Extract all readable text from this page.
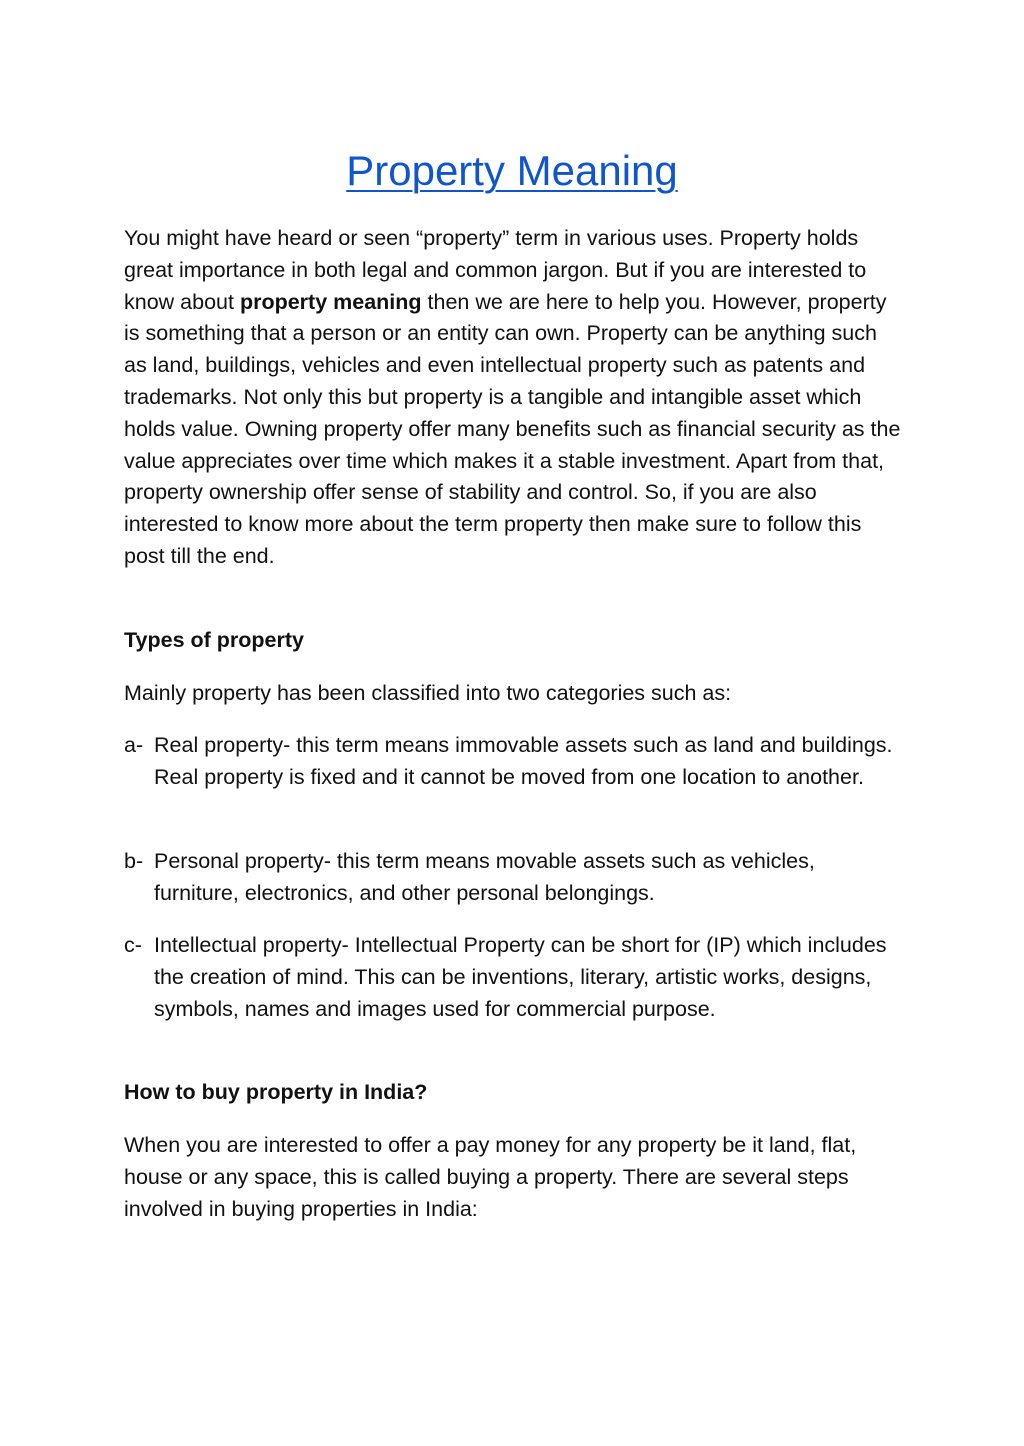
Property Meaning

You might have heard or seen “property” term in various uses. Property holds great importance in both legal and common jargon. But if you are interested to know about property meaning then we are here to help you. However, property is something that a person or an entity can own. Property can be anything such as land, buildings, vehicles and even intellectual property such as patents and trademarks. Not only this but property is a tangible and intangible asset which holds value. Owning property offer many benefits such as financial security as the value appreciates over time which makes it a stable investment. Apart from that, property ownership offer sense of stability and control. So, if you are also interested to know more about the term property then make sure to follow this post till the end.

Types of property

Mainly property has been classified into two categories such as:

a- Real property- this term means immovable assets such as land and buildings. Real property is fixed and it cannot be moved from one location to another.
b- Personal property- this term means movable assets such as vehicles, furniture, electronics, and other personal belongings.
c- Intellectual property- Intellectual Property can be short for (IP) which includes the creation of mind. This can be inventions, literary, artistic works, designs, symbols, names and images used for commercial purpose.

How to buy property in India?

When you are interested to offer a pay money for any property be it land, flat, house or any space, this is called buying a property. There are several steps involved in buying properties in India:
